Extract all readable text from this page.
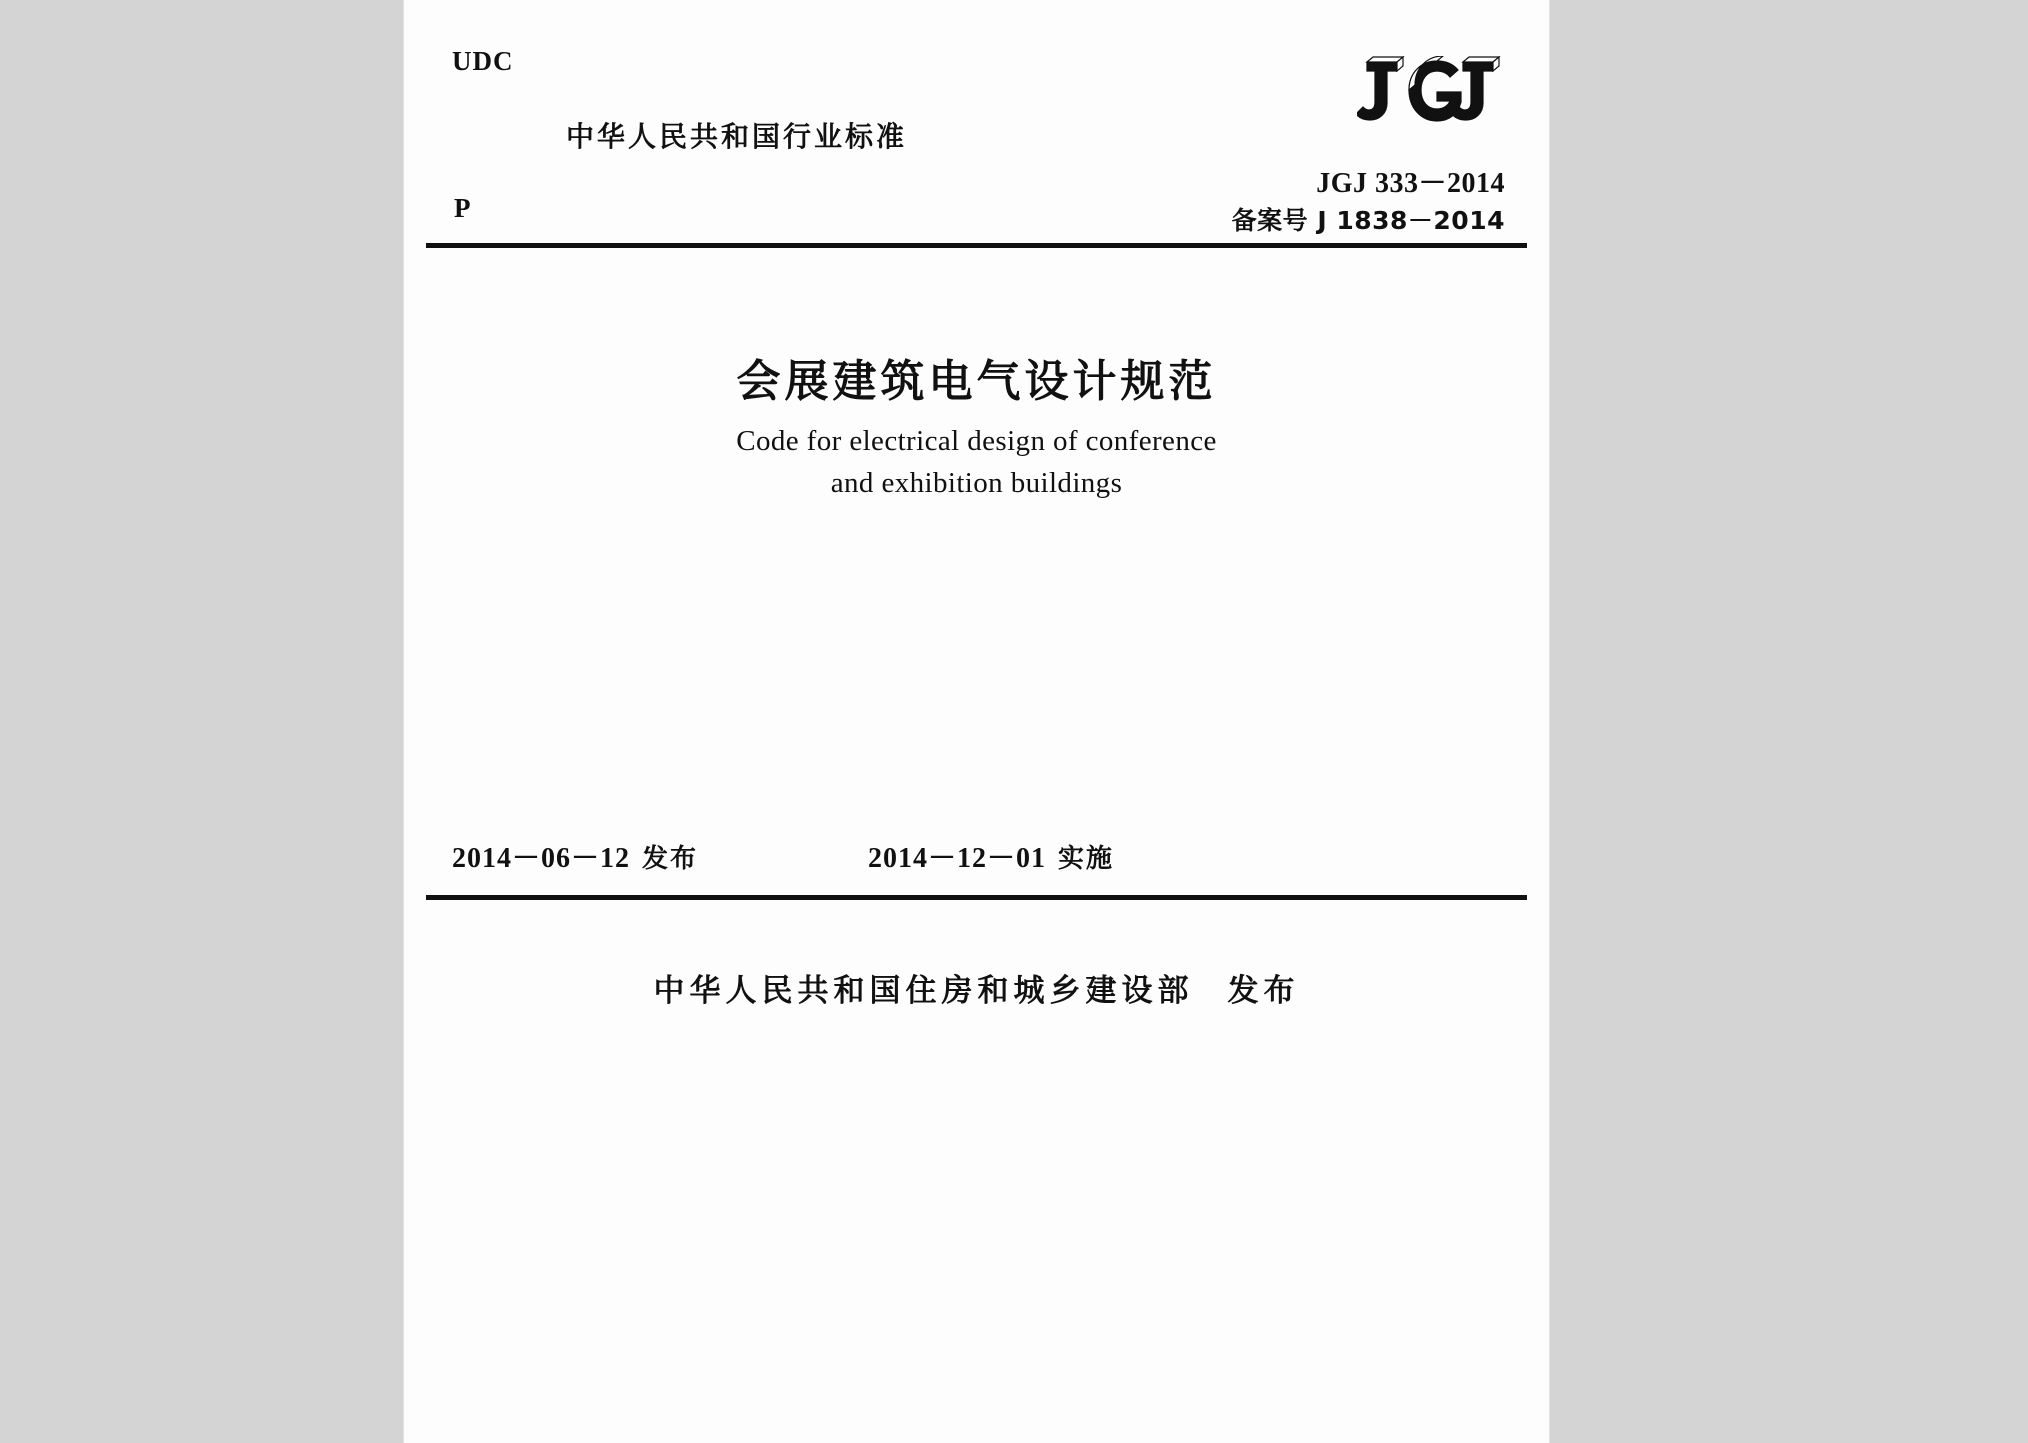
UDC
中华人民共和国行业标准
P
JGJ 333－2014
备案号 J 1838－2014
会展建筑电气设计规范
Code for electrical design of conference
and exhibition buildings
2014－06－12 发布	2014－12－01 实施
中华人民共和国住房和城乡建设部 发布
